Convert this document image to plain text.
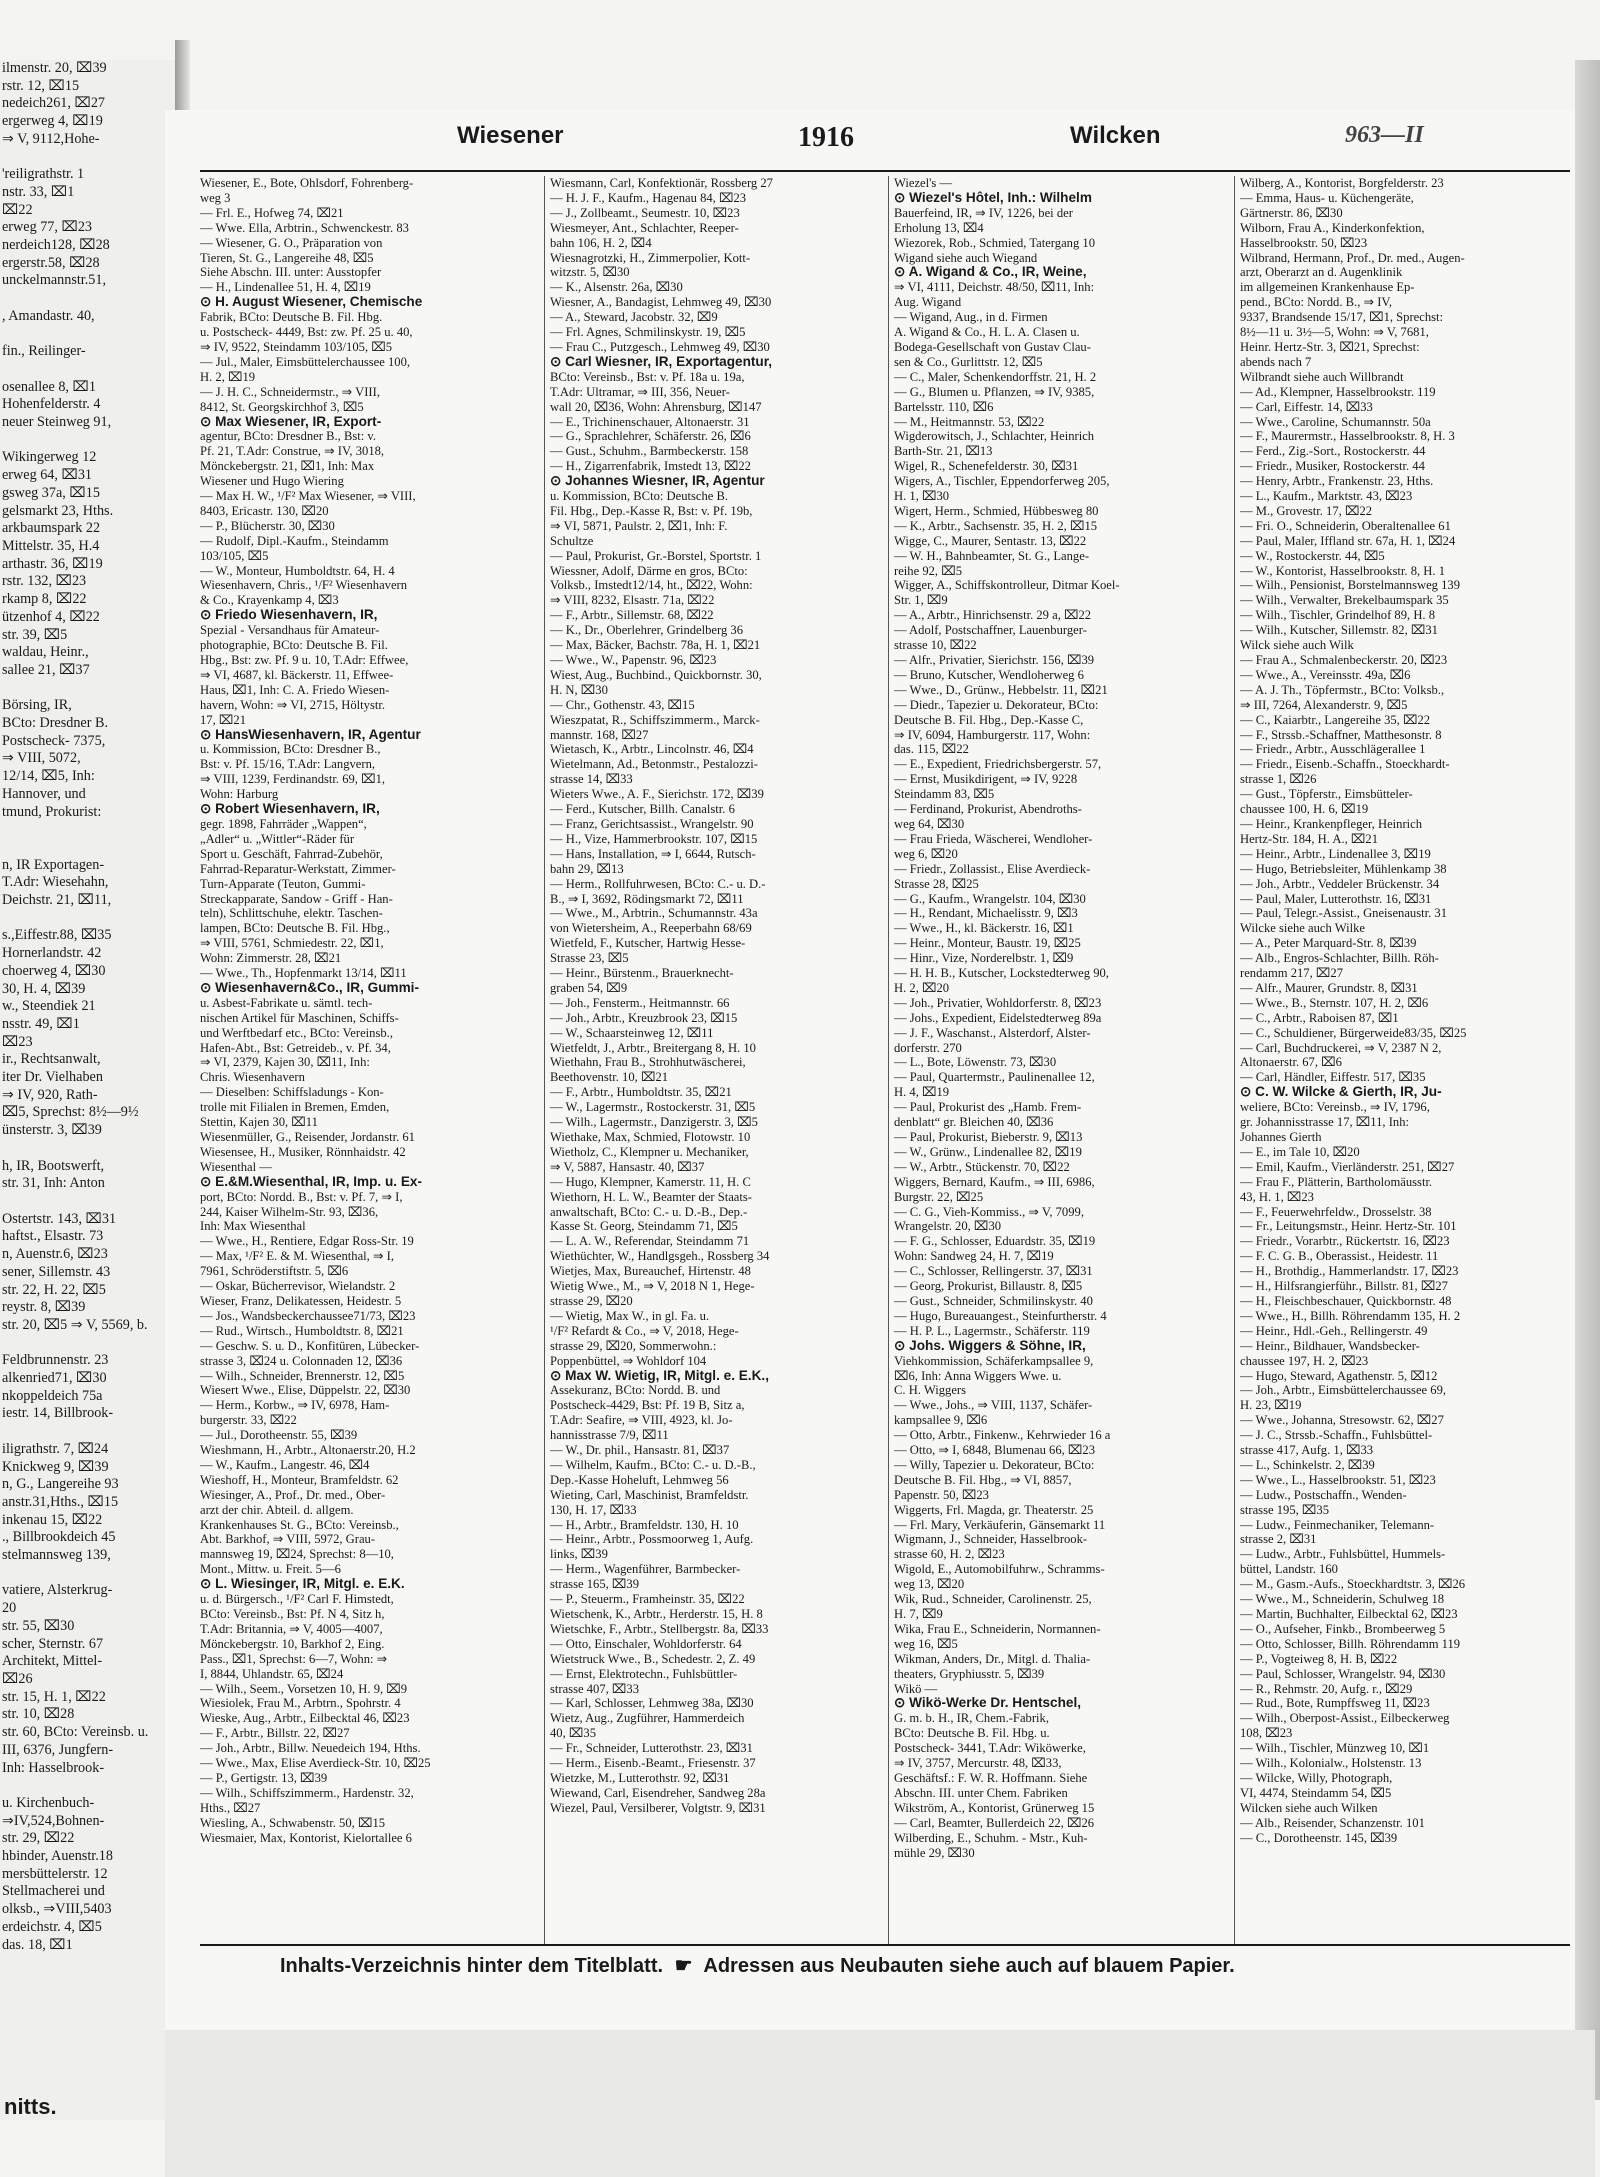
ilmenstr. 20, ⌧39
rstr. 12, ⌧15
nedeich261, ⌧27
ergerweg 4, ⌧19
⇒ V, 9112,Hohe-

'reiligrathstr. 1
nstr. 33, ⌧1
⌧22
erweg 77, ⌧23
nerdeich128, ⌧28
ergerstr.58, ⌧28
unckelmannstr.51,

, Amandastr. 40,

fin., Reilinger-

osenallee 8, ⌧1
Hohenfelderstr. 4
neuer Steinweg 91,

Wikingerweg 12
erweg 64, ⌧31
gsweg 37a, ⌧15
gelsmarkt 23, Hths.
arkbaumspark 22
Mittelstr. 35, H.4
arthastr. 36, ⌧19
rstr. 132, ⌧23
rkamp 8, ⌧22
ützenhof 4, ⌧22
str. 39, ⌧5
waldau, Heinr.,
sallee 21, ⌧37

Börsing, IR,
BCto: Dresdner B.
Postscheck- 7375,
⇒ VIII, 5072,
12/14, ⌧5, Inh:
Hannover, und
tmund, Prokurist:

n, IR Exportagen-
T.Adr: Wiesehahn,
Deichstr. 21, ⌧11,

s.,Eiffestr.88, ⌧35
Hornerlandstr. 42
choerweg 4, ⌧30
30, H. 4, ⌧39
w., Steendiek 21
nsstr. 49, ⌧1
⌧23
ir., Rechtsanwalt,
iter Dr. Vielhaben
⇒ IV, 920, Rath-
⌧5, Sprechst: 8½—9½
ünsterstr. 3, ⌧39

h, IR, Bootswerft,
str. 31, Inh: Anton

Ostertstr. 143, ⌧31
haftst., Elsastr. 73
n, Auenstr.6, ⌧23
sener, Sillemstr. 43
str. 22, H. 22, ⌧5
reystr. 8, ⌧39
str. 20, ⌧5 ⇒ V, 5569, b.

Feldbrunnenstr. 23
alkenried71, ⌧30
nkoppeldeich 75a
iestr. 14, Billbrook-

iligrathstr. 7, ⌧24
Knickweg 9, ⌧39
n, G., Langereihe 93
anstr.31,Hths., ⌧15
inkenau 15, ⌧22
., Billbrookdeich 45
stelmannsweg 139,

vatiere, Alsterkrug-
20
str. 55, ⌧30
scher, Sternstr. 67
Architekt, Mittel-
⌧26
str. 15, H. 1, ⌧22
str. 10, ⌧28
str. 60, BCto: Vereinsb. u.
III, 6376, Jungfern-
Inh: Hasselbrook-

u. Kirchenbuch-
⇒IV,524,Bohnen-
str. 29, ⌧22
hbinder, Auenstr.18
mersbüttelerstr. 12
Stellmacherei und
olksb., ⇒VIII,5403
erdeichstr. 4, ⌧5
das. 18, ⌧1
nitts.
Wiesener	1916	Wilcken	963—II
Wiesener, E., Bote, Ohlsdorf, Fohrenberg-
weg 3
— Frl. E., Hofweg 74, ⌧21
— Wwe. Ella, Arbtrin., Schwenckestr. 83
— Wiesener, G. O., Präparation von
Tieren, St. G., Langereihe 48, ⌧5
Siehe Abschn. III. unter: Ausstopfer
— H., Lindenallee 51, H. 4, ⌧19
⊙ H. August Wiesener, Chemische
Fabrik, BCto: Deutsche B. Fil. Hbg.
u. Postscheck- 4449, Bst: zw. Pf. 25 u. 40,
⇒ IV, 9522, Steindamm 103/105, ⌧5
— Jul., Maler, Eimsbüttelerchaussee 100,
H. 2, ⌧19
— J. H. C., Schneidermstr., ⇒ VIII,
8412, St. Georgskirchhof 3, ⌧5
⊙ Max Wiesener, IR, Export-
agentur, BCto: Dresdner B., Bst: v.
Pf. 21, T.Adr: Construe, ⇒ IV, 3018,
Mönckebergstr. 21, ⌧1, Inh: Max
Wiesener und Hugo Wiering
— Max H. W., ¹/F² Max Wiesener, ⇒ VIII,
8403, Ericastr. 130, ⌧20
— P., Blücherstr. 30, ⌧30
— Rudolf, Dipl.-Kaufm., Steindamm
103/105, ⌧5
— W., Monteur, Humboldtstr. 64, H. 4
Wiesenhavern, Chris., ¹/F² Wiesenhavern
& Co., Krayenkamp 4, ⌧3
⊙ Friedo Wiesenhavern, IR,
Spezial - Versandhaus für Amateur-
photographie, BCto: Deutsche B. Fil.
Hbg., Bst: zw. Pf. 9 u. 10, T.Adr: Effwee,
⇒ VI, 4687, kl. Bäckerstr. 11, Effwee-
Haus, ⌧1, Inh: C. A. Friedo Wiesen-
havern, Wohn: ⇒ VI, 2715, Höltystr.
17, ⌧21
⊙ HansWiesenhavern, IR, Agentur
u. Kommission, BCto: Dresdner B.,
Bst: v. Pf. 15/16, T.Adr: Langvern,
⇒ VIII, 1239, Ferdinandstr. 69, ⌧1,
Wohn: Harburg
⊙ Robert Wiesenhavern, IR,
gegr. 1898, Fahrräder „Wappen“,
„Adler“ u. „Wittler“-Räder für
Sport u. Geschäft, Fahrrad-Zubehör,
Fahrrad-Reparatur-Werkstatt, Zimmer-
Turn-Apparate (Teuton, Gummi-
Streckapparate, Sandow - Griff - Han-
teln), Schlittschuhe, elektr. Taschen-
lampen, BCto: Deutsche B. Fil. Hbg.,
⇒ VIII, 5761, Schmiedestr. 22, ⌧1,
Wohn: Zimmerstr. 28, ⌧21
— Wwe., Th., Hopfenmarkt 13/14, ⌧11
⊙ Wiesenhavern&Co., IR, Gummi-
u. Asbest-Fabrikate u. sämtl. tech-
nischen Artikel für Maschinen, Schiffs-
und Werftbedarf etc., BCto: Vereinsb.,
Hafen-Abt., Bst: Getreideb., v. Pf. 34,
⇒ VI, 2379, Kajen 30, ⌧11, Inh:
Chris. Wiesenhavern
— Dieselben: Schiffsladungs - Kon-
trolle mit Filialen in Bremen, Emden,
Stettin, Kajen 30, ⌧11
Wiesenmüller, G., Reisender, Jordanstr. 61
Wiesensee, H., Musiker, Rönnhaidstr. 42
Wiesenthal —
⊙ E.&M.Wiesenthal, IR, Imp. u. Ex-
port, BCto: Nordd. B., Bst: v. Pf. 7, ⇒ I,
244, Kaiser Wilhelm-Str. 93, ⌧36,
Inh: Max Wiesenthal
— Wwe., H., Rentiere, Edgar Ross-Str. 19
— Max, ¹/F² E. & M. Wiesenthal, ⇒ I,
7961, Schröderstiftstr. 5, ⌧6
— Oskar, Bücherrevisor, Wielandstr. 2
Wieser, Franz, Delikatessen, Heidestr. 5
— Jos., Wandsbeckerchaussee71/73, ⌧23
— Rud., Wirtsch., Humboldtstr. 8, ⌧21
— Geschw. S. u. D., Konfitüren, Lübecker-
strasse 3, ⌧24 u. Colonnaden 12, ⌧36
— Wilh., Schneider, Brennerstr. 12, ⌧5
Wiesert Wwe., Elise, Düppelstr. 22, ⌧30
— Herm., Korbw., ⇒ IV, 6978, Ham-
burgerstr. 33, ⌧22
— Jul., Dorotheenstr. 55, ⌧39
Wieshmann, H., Arbtr., Altonaerstr.20, H.2
— W., Kaufm., Langestr. 46, ⌧4
Wieshoff, H., Monteur, Bramfeldstr. 62
Wiesinger, A., Prof., Dr. med., Ober-
arzt der chir. Abteil. d. allgem.
Krankenhauses St. G., BCto: Vereinsb.,
Abt. Barkhof, ⇒ VIII, 5972, Grau-
mannsweg 19, ⌧24, Sprechst: 8—10,
Mont., Mittw. u. Freit. 5—6
⊙ L. Wiesinger, IR, Mitgl. e. E.K.
u. d. Bürgersch., ¹/F² Carl F. Himstedt,
BCto: Vereinsb., Bst: Pf. N 4, Sitz h,
T.Adr: Britannia, ⇒ V, 4005—4007,
Mönckebergstr. 10, Barkhof 2, Eing.
Pass., ⌧1, Sprechst: 6—7, Wohn: ⇒
I, 8844, Uhlandstr. 65, ⌧24
— Wilh., Seem., Vorsetzen 10, H. 9, ⌧9
Wiesiolek, Frau M., Arbtrn., Spohrstr. 4
Wieske, Aug., Arbtr., Eilbecktal 46, ⌧23
— F., Arbtr., Billstr. 22, ⌧27
— Joh., Arbtr., Billw. Neuedeich 194, Hths.
— Wwe., Max, Elise Averdieck-Str. 10, ⌧25
— P., Gertigstr. 13, ⌧39
— Wilh., Schiffszimmerm., Hardenstr. 32,
Hths., ⌧27
Wiesling, A., Schwabenstr. 50, ⌧15
Wiesmaier, Max, Kontorist, Kielortallee 6
Wiesmann, Carl, Konfektionär, Rossberg 27
— H. J. F., Kaufm., Hagenau 84, ⌧23
— J., Zollbeamt., Seumestr. 10, ⌧23
Wiesmeyer, Ant., Schlachter, Reeper-
bahn 106, H. 2, ⌧4
Wiesnagrotzki, H., Zimmerpolier, Kott-
witzstr. 5, ⌧30
— K., Alsenstr. 26a, ⌧30
Wiesner, A., Bandagist, Lehmweg 49, ⌧30
— A., Steward, Jacobstr. 32, ⌧9
— Frl. Agnes, Schmilinskystr. 19, ⌧5
— Frau C., Putzgesch., Lehmweg 49, ⌧30
⊙ Carl Wiesner, IR, Exportagentur,
BCto: Vereinsb., Bst: v. Pf. 18a u. 19a,
T.Adr: Ultramar, ⇒ III, 356, Neuer-
wall 20, ⌧36, Wohn: Ahrensburg, ⌧147
— E., Trichinenschauer, Altonaerstr. 31
— G., Sprachlehrer, Schäferstr. 26, ⌧6
— Gust., Schuhm., Barmbeckerstr. 158
— H., Zigarrenfabrik, Imstedt 13, ⌧22
⊙ Johannes Wiesner, IR, Agentur
u. Kommission, BCto: Deutsche B.
Fil. Hbg., Dep.-Kasse R, Bst: v. Pf. 19b,
⇒ VI, 5871, Paulstr. 2, ⌧1, Inh: F.
Schultze
— Paul, Prokurist, Gr.-Borstel, Sportstr. 1
Wiessner, Adolf, Därme en gros, BCto:
Volksb., Imstedt12/14, ht., ⌧22, Wohn:
⇒ VIII, 8232, Elsastr. 71a, ⌧22
— F., Arbtr., Sillemstr. 68, ⌧22
— K., Dr., Oberlehrer, Grindelberg 36
— Max, Bäcker, Bachstr. 78a, H. 1, ⌧21
— Wwe., W., Papenstr. 96, ⌧23
Wiest, Aug., Buchbind., Quickbornstr. 30,
H. N, ⌧30
— Chr., Gothenstr. 43, ⌧15
Wieszpatat, R., Schiffszimmerm., Marck-
mannstr. 168, ⌧27
Wietasch, K., Arbtr., Lincolnstr. 46, ⌧4
Wietelmann, Ad., Betonmstr., Pestalozzi-
strasse 14, ⌧33
Wieters Wwe., A. F., Sierichstr. 172, ⌧39
— Ferd., Kutscher, Billh. Canalstr. 6
— Franz, Gerichtsassist., Wrangelstr. 90
— H., Vize, Hammerbrookstr. 107, ⌧15
— Hans, Installation, ⇒ I, 6644, Rutsch-
bahn 29, ⌧13
— Herm., Rollfuhrwesen, BCto: C.- u. D.-
B., ⇒ I, 3692, Rödingsmarkt 72, ⌧11
— Wwe., M., Arbtrin., Schumannstr. 43a
von Wietersheim, A., Reeperbahn 68/69
Wietfeld, F., Kutscher, Hartwig Hesse-
Strasse 23, ⌧5
— Heinr., Bürstenm., Brauerknecht-
graben 54, ⌧9
— Joh., Fensterm., Heitmannstr. 66
— Joh., Arbtr., Kreuzbrook 23, ⌧15
— W., Schaarsteinweg 12, ⌧11
Wietfeldt, J., Arbtr., Breitergang 8, H. 10
Wiethahn, Frau B., Strohhutwäscherei,
Beethovenstr. 10, ⌧21
— F., Arbtr., Humboldtstr. 35, ⌧21
— W., Lagermstr., Rostockerstr. 31, ⌧5
— Wilh., Lagermstr., Danzigerstr. 3, ⌧5
Wiethake, Max, Schmied, Flotowstr. 10
Wietholz, C., Klempner u. Mechaniker,
⇒ V, 5887, Hansastr. 40, ⌧37
— Hugo, Klempner, Kamerstr. 11, H. C
Wiethorn, H. L. W., Beamter der Staats-
anwaltschaft, BCto: C.- u. D.-B., Dep.-
Kasse St. Georg, Steindamm 71, ⌧5
— L. A. W., Referendar, Steindamm 71
Wiethüchter, W., Handlgsgeh., Rossberg 34
Wietjes, Max, Bureauchef, Hirtenstr. 48
Wietig Wwe., M., ⇒ V, 2018 N 1, Hege-
strasse 29, ⌧20
— Wietig, Max W., in gl. Fa. u.
¹/F² Refardt & Co., ⇒ V, 2018, Hege-
strasse 29, ⌧20, Sommerwohn.:
Poppenbüttel, ⇒ Wohldorf 104
⊙ Max W. Wietig, IR, Mitgl. e. E.K.,
Assekuranz, BCto: Nordd. B. und
Postscheck-4429, Bst: Pf. 19 B, Sitz a,
T.Adr: Seafire, ⇒ VIII, 4923, kl. Jo-
hannisstrasse 7/9, ⌧11
— W., Dr. phil., Hansastr. 81, ⌧37
— Wilhelm, Kaufm., BCto: C.- u. D.-B.,
Dep.-Kasse Hoheluft, Lehmweg 56
Wieting, Carl, Maschinist, Bramfeldstr.
130, H. 17, ⌧33
— H., Arbtr., Bramfeldstr. 130, H. 10
— Heinr., Arbtr., Possmoorweg 1, Aufg.
links, ⌧39
— Herm., Wagenführer, Barmbecker-
strasse 165, ⌧39
— P., Steuerm., Framheinstr. 35, ⌧22
Wietschenk, K., Arbtr., Herderstr. 15, H. 8
Wietschke, F., Arbtr., Stellbergstr. 8a, ⌧33
— Otto, Einschaler, Wohldorferstr. 64
Wietstruck Wwe., B., Schedestr. 2, Z. 49
— Ernst, Elektrotechn., Fuhlsbüttler-
strasse 407, ⌧33
— Karl, Schlosser, Lehmweg 38a, ⌧30
Wietz, Aug., Zugführer, Hammerdeich
40, ⌧35
— Fr., Schneider, Lutterothstr. 23, ⌧31
— Herm., Eisenb.-Beamt., Friesenstr. 37
Wietzke, M., Lutterothstr. 92, ⌧31
Wiewand, Carl, Eisendreher, Sandweg 28a
Wiezel, Paul, Versilberer, Volgtstr. 9, ⌧31
Wiezel's —
⊙ Wiezel's Hôtel, Inh.: Wilhelm
Bauerfeind, IR, ⇒ IV, 1226, bei der
Erholung 13, ⌧4
Wiezorek, Rob., Schmied, Tatergang 10
Wigand siehe auch Wiegand
⊙ A. Wigand & Co., IR, Weine,
⇒ VI, 4111, Deichstr. 48/50, ⌧11, Inh:
Aug. Wigand
— Wigand, Aug., in d. Firmen
A. Wigand & Co., H. L. A. Clasen u.
Bodega-Gesellschaft von Gustav Clau-
sen & Co., Gurlittstr. 12, ⌧5
— C., Maler, Schenkendorffstr. 21, H. 2
— G., Blumen u. Pflanzen, ⇒ IV, 9385,
Bartelsstr. 110, ⌧6
— M., Heitmannstr. 53, ⌧22
Wigderowitsch, J., Schlachter, Heinrich
Barth-Str. 21, ⌧13
Wigel, R., Schenefelderstr. 30, ⌧31
Wigers, A., Tischler, Eppendorferweg 205,
H. 1, ⌧30
Wigert, Herm., Schmied, Hübbesweg 80
— K., Arbtr., Sachsenstr. 35, H. 2, ⌧15
Wigge, C., Maurer, Sentastr. 13, ⌧22
— W. H., Bahnbeamter, St. G., Lange-
reihe 92, ⌧5
Wigger, A., Schiffskontrolleur, Ditmar Koel-
Str. 1, ⌧9
— A., Arbtr., Hinrichsenstr. 29 a, ⌧22
— Adolf, Postschaffner, Lauenburger-
strasse 10, ⌧22
— Alfr., Privatier, Sierichstr. 156, ⌧39
— Bruno, Kutscher, Wendloherweg 6
— Wwe., D., Grünw., Hebbelstr. 11, ⌧21
— Diedr., Tapezier u. Dekorateur, BCto:
Deutsche B. Fil. Hbg., Dep.-Kasse C,
⇒ IV, 6094, Hamburgerstr. 117, Wohn:
das. 115, ⌧22
— E., Expedient, Friedrichsbergerstr. 57,
— Ernst, Musikdirigent, ⇒ IV, 9228
Steindamm 83, ⌧5
— Ferdinand, Prokurist, Abendroths-
weg 64, ⌧30
— Frau Frieda, Wäscherei, Wendloher-
weg 6, ⌧20
— Friedr., Zollassist., Elise Averdieck-
Strasse 28, ⌧25
— G., Kaufm., Wrangelstr. 104, ⌧30
— H., Rendant, Michaelisstr. 9, ⌧3
— Wwe., H., kl. Bäckerstr. 16, ⌧1
— Heinr., Monteur, Baustr. 19, ⌧25
— Hinr., Vize, Norderelbstr. 1, ⌧9
— H. H. B., Kutscher, Lockstedterweg 90,
H. 2, ⌧20
— Joh., Privatier, Wohldorferstr. 8, ⌧23
— Johs., Expedient, Eidelstedterweg 89a
— J. F., Waschanst., Alsterdorf, Alster-
dorferstr. 270
— L., Bote, Löwenstr. 73, ⌧30
— Paul, Quartermstr., Paulinenallee 12,
H. 4, ⌧19
— Paul, Prokurist des „Hamb. Frem-
denblatt“ gr. Bleichen 40, ⌧36
— Paul, Prokurist, Bieberstr. 9, ⌧13
— W., Grünw., Lindenallee 82, ⌧19
— W., Arbtr., Stückenstr. 70, ⌧22
Wiggers, Bernard, Kaufm., ⇒ III, 6986,
Burgstr. 22, ⌧25
— C. G., Vieh-Kommiss., ⇒ V, 7099,
Wrangelstr. 20, ⌧30
— F. G., Schlosser, Eduardstr. 35, ⌧19
Wohn: Sandweg 24, H. 7, ⌧19
— C., Schlosser, Rellingerstr. 37, ⌧31
— Georg, Prokurist, Billaustr. 8, ⌧5
— Gust., Schneider, Schmilinskystr. 40
— Hugo, Bureauangest., Steinfurtherstr. 4
— H. P. L., Lagermstr., Schäferstr. 119
⊙ Johs. Wiggers & Söhne, IR,
Viehkommission, Schäferkampsallee 9,
⌧6, Inh: Anna Wiggers Wwe. u.
C. H. Wiggers
— Wwe., Johs., ⇒ VIII, 1137, Schäfer-
kampsallee 9, ⌧6
— Otto, Arbtr., Finkenw., Kehrwieder 16 a
— Otto, ⇒ I, 6848, Blumenau 66, ⌧23
— Willy, Tapezier u. Dekorateur, BCto:
Deutsche B. Fil. Hbg., ⇒ VI, 8857,
Papenstr. 50, ⌧23
Wiggerts, Frl. Magda, gr. Theaterstr. 25
— Frl. Mary, Verkäuferin, Gänsemarkt 11
Wigmann, J., Schneider, Hasselbrook-
strasse 60, H. 2, ⌧23
Wigold, E., Automobilfuhrw., Schramms-
weg 13, ⌧20
Wik, Rud., Schneider, Carolinenstr. 25,
H. 7, ⌧9
Wika, Frau E., Schneiderin, Normannen-
weg 16, ⌧5
Wikman, Anders, Dr., Mitgl. d. Thalia-
theaters, Gryphiusstr. 5, ⌧39
Wikö —
⊙ Wikö-Werke Dr. Hentschel,
G. m. b. H., IR, Chem.-Fabrik,
BCto: Deutsche B. Fil. Hbg. u.
Postscheck- 3441, T.Adr: Wiköwerke,
⇒ IV, 3757, Mercurstr. 48, ⌧33,
Geschäftsf.: F. W. R. Hoffmann. Siehe
Abschn. III. unter Chem. Fabriken
Wikström, A., Kontorist, Grünerweg 15
— Carl, Beamter, Bullerdeich 22, ⌧26
Wilberding, E., Schuhm. - Mstr., Kuh-
mühle 29, ⌧30
Wilberg, A., Kontorist, Borgfelderstr. 23
— Emma, Haus- u. Küchengeräte,
Gärtnerstr. 86, ⌧30
Wilborn, Frau A., Kinderkonfektion,
Hasselbrookstr. 50, ⌧23
Wilbrand, Hermann, Prof., Dr. med., Augen-
arzt, Oberarzt an d. Augenklinik
im allgemeinen Krankenhause Ep-
pend., BCto: Nordd. B., ⇒ IV,
9337, Brandsende 15/17, ⌧1, Sprechst:
8½—11 u. 3½—5, Wohn: ⇒ V, 7681,
Heinr. Hertz-Str. 3, ⌧21, Sprechst:
abends nach 7
Wilbrandt siehe auch Willbrandt
— Ad., Klempner, Hasselbrookstr. 119
— Carl, Eiffestr. 14, ⌧33
— Wwe., Caroline, Schumannstr. 50a
— F., Maurermstr., Hasselbrookstr. 8, H. 3
— Ferd., Zig.-Sort., Rostockerstr. 44
— Friedr., Musiker, Rostockerstr. 44
— Henry, Arbtr., Frankenstr. 23, Hths.
— L., Kaufm., Marktstr. 43, ⌧23
— M., Grovestr. 17, ⌧22
— Fri. O., Schneiderin, Oberaltenallee 61
— Paul, Maler, Iffland str. 67a, H. 1, ⌧24
— W., Rostockerstr. 44, ⌧5
— W., Kontorist, Hasselbrookstr. 8, H. 1
— Wilh., Pensionist, Borstelmannsweg 139
— Wilh., Verwalter, Brekelbaumspark 35
— Wilh., Tischler, Grindelhof 89, H. 8
— Wilh., Kutscher, Sillemstr. 82, ⌧31
Wilck siehe auch Wilk
— Frau A., Schmalenbeckerstr. 20, ⌧23
— Wwe., A., Vereinsstr. 49a, ⌧6
— A. J. Th., Töpfermstr., BCto: Volksb.,
⇒ III, 7264, Alexanderstr. 9, ⌧5
— C., Kaiarbtr., Langereihe 35, ⌧22
— F., Strssb.-Schaffner, Matthesonstr. 8
— Friedr., Arbtr., Ausschlägerallee 1
— Friedr., Eisenb.-Schaffn., Stoeckhardt-
strasse 1, ⌧26
— Gust., Töpferstr., Eimsbütteler-
chaussee 100, H. 6, ⌧19
— Heinr., Krankenpfleger, Heinrich
Hertz-Str. 184, H. A., ⌧21
— Heinr., Arbtr., Lindenallee 3, ⌧19
— Hugo, Betriebsleiter, Mühlenkamp 38
— Joh., Arbtr., Veddeler Brückenstr. 34
— Paul, Maler, Lutterothstr. 16, ⌧31
— Paul, Telegr.-Assist., Gneisenaustr. 31
Wilcke siehe auch Wilke
— A., Peter Marquard-Str. 8, ⌧39
— Alb., Engros-Schlachter, Billh. Röh-
rendamm 217, ⌧27
— Alfr., Maurer, Grundstr. 8, ⌧31
— Wwe., B., Sternstr. 107, H. 2, ⌧6
— C., Arbtr., Raboisen 87, ⌧1
— C., Schuldiener, Bürgerweide83/35, ⌧25
— Carl, Buchdruckerei, ⇒ V, 2387 N 2,
Altonaerstr. 67, ⌧6
— Carl, Händler, Eiffestr. 517, ⌧35
⊙ C. W. Wilcke & Gierth, IR, Ju-
weliere, BCto: Vereinsb., ⇒ IV, 1796,
gr. Johannisstrasse 17, ⌧11, Inh:
Johannes Gierth
— E., im Tale 10, ⌧20
— Emil, Kaufm., Vierländerstr. 251, ⌧27
— Frau F., Plätterin, Bartholomäusstr.
43, H. 1, ⌧23
— F., Feuerwehrfeldw., Drosselstr. 38
— Fr., Leitungsmstr., Heinr. Hertz-Str. 101
— Friedr., Vorarbtr., Rückertstr. 16, ⌧23
— F. C. G. B., Oberassist., Heidestr. 11
— H., Brothdig., Hammerlandstr. 17, ⌧23
— H., Hilfsrangierführ., Billstr. 81, ⌧27
— H., Fleischbeschauer, Quickbornstr. 48
— Wwe., H., Billh. Röhrendamm 135, H. 2
— Heinr., Hdl.-Geh., Rellingerstr. 49
— Heinr., Bildhauer, Wandsbecker-
chaussee 197, H. 2, ⌧23
— Hugo, Steward, Agathenstr. 5, ⌧12
— Joh., Arbtr., Eimsbüttelerchaussee 69,
H. 23, ⌧19
— Wwe., Johanna, Stresowstr. 62, ⌧27
— J. C., Strssb.-Schaffn., Fuhlsbüttel-
strasse 417, Aufg. 1, ⌧33
— L., Schinkelstr. 2, ⌧39
— Wwe., L., Hasselbrookstr. 51, ⌧23
— Ludw., Postschaffn., Wenden-
strasse 195, ⌧35
— Ludw., Feinmechaniker, Telemann-
strasse 2, ⌧31
— Ludw., Arbtr., Fuhlsbüttel, Hummels-
büttel, Landstr. 160
— M., Gasm.-Aufs., Stoeckhardtstr. 3, ⌧26
— Wwe., M., Schneiderin, Schulweg 18
— Martin, Buchhalter, Eilbecktal 62, ⌧23
— O., Aufseher, Finkb., Brombeerweg 5
— Otto, Schlosser, Billh. Röhrendamm 119
— P., Vogteiweg 8, H. B, ⌧22
— Paul, Schlosser, Wrangelstr. 94, ⌧30
— R., Rehmstr. 20, Aufg. r., ⌧29
— Rud., Bote, Rumpffsweg 11, ⌧23
— Wilh., Oberpost-Assist., Eilbeckerweg
108, ⌧23
— Wilh., Tischler, Münzweg 10, ⌧1
— Wilh., Kolonialw., Holstenstr. 13
— Wilcke, Willy, Photograph,
VI, 4474, Steindamm 54, ⌧5
Wilcken siehe auch Wilken
— Alb., Reisender, Schanzenstr. 101
— C., Dorotheenstr. 145, ⌧39
Inhalts-Verzeichnis hinter dem Titelblatt. ☛ Adressen aus Neubauten siehe auch auf blauem Papier.
